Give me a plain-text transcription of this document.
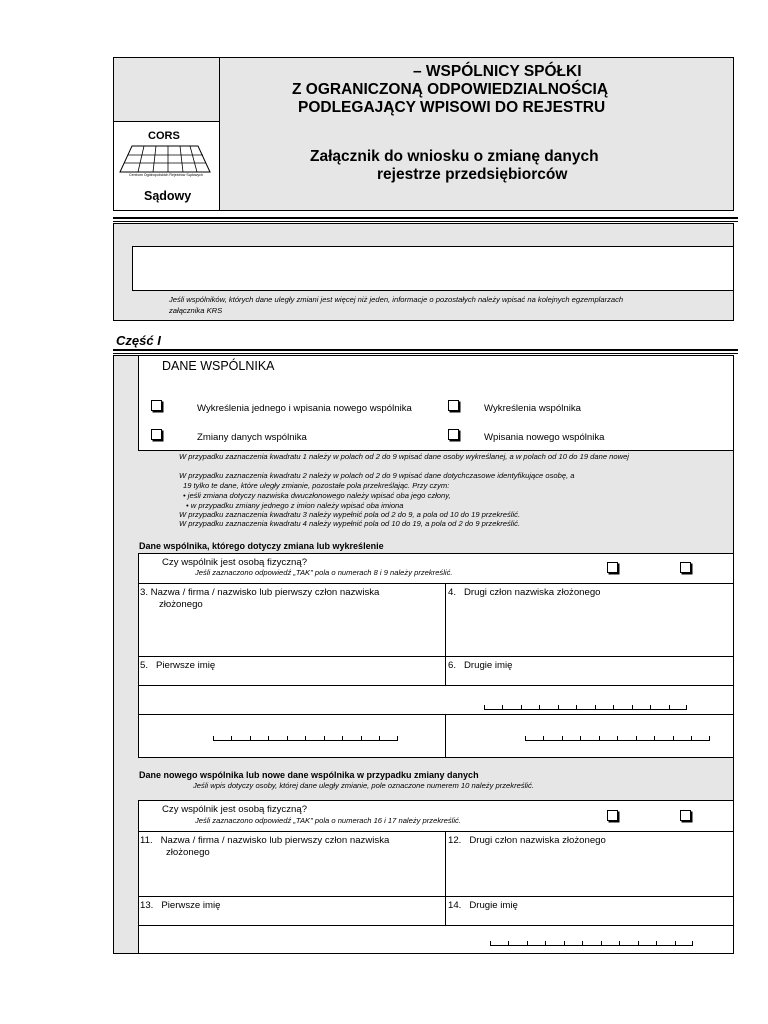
CORS
Centrum Ogólnopolskich Rejestrów Sądowych
Sądowy
– WSPÓLNICY SPÓŁKI
Z OGRANICZONĄ ODPOWIEDZIALNOŚCIĄ
PODLEGAJĄCY WPISOWI DO REJESTRU
Załącznik do wniosku o zmianę danych
rejestrze przedsiębiorców
Jeśli wspólników, których dane uległy zmiani jest więcej niż jeden, informacje o pozostałych należy wpisać na kolejnych egzemplarzach
załącznika KRS
Część I
DANE WSPÓLNIKA
Wykreślenia jednego i wpisania nowego wspólnika	Wykreślenia wspólnika
Zmiany danych wspólnika	Wpisania nowego wspólnika
W przypadku zaznaczenia kwadratu 1 należy w polach od 2 do 9 wpisać dane osoby wykreślanej, a w polach od 10 do 19 dane nowej
W przypadku zaznaczenia kwadratu 2 należy w polach od 2 do 9 wpisać dane dotychczasowe identyfikujące osobę, a
19 tylko te dane, które uległy zmianie, pozostałe pola przekreślając. Przy czym:
• jeśli zmiana dotyczy nazwiska dwuczłonowego należy wpisać oba jego człony,
• w przypadku zmiany jednego z imion należy wpisać oba imiona
W przypadku zaznaczenia kwadratu 3 należy wypełnić pola od 2 do 9, a pola od 10 do 19 przekreślić.
W przypadku zaznaczenia kwadratu 4 należy wypełnić pola od 10 do 19, a pola od 2 do 9 przekreślić.
Dane wspólnika, którego dotyczy zmiana lub wykreślenie
Czy wspólnik jest osobą fizyczną?
Jeśli zaznaczono odpowiedź „TAK" pola o numerach 8 i 9 należy przekreślić.
3. Nazwa / firma / nazwisko lub pierwszy człon nazwiska
złożonego
4.   Drugi człon nazwiska złożonego
5.   Pierwsze imię	6.   Drugie imię
Dane nowego wspólnika lub nowe dane wspólnika w przypadku zmiany danych
Jeśli wpis dotyczy osoby, której dane uległy zmianie, pole oznaczone numerem 10 należy przekreślić.
Czy wspólnik jest osobą fizyczną?
Jeśli zaznaczono odpowiedź „TAK" pola o numerach 16 i 17 należy przekreślić.
11.   Nazwa / firma / nazwisko lub pierwszy człon nazwiska
złożonego
12.   Drugi człon nazwiska złożonego
13.   Pierwsze imię	14.   Drugie imię
